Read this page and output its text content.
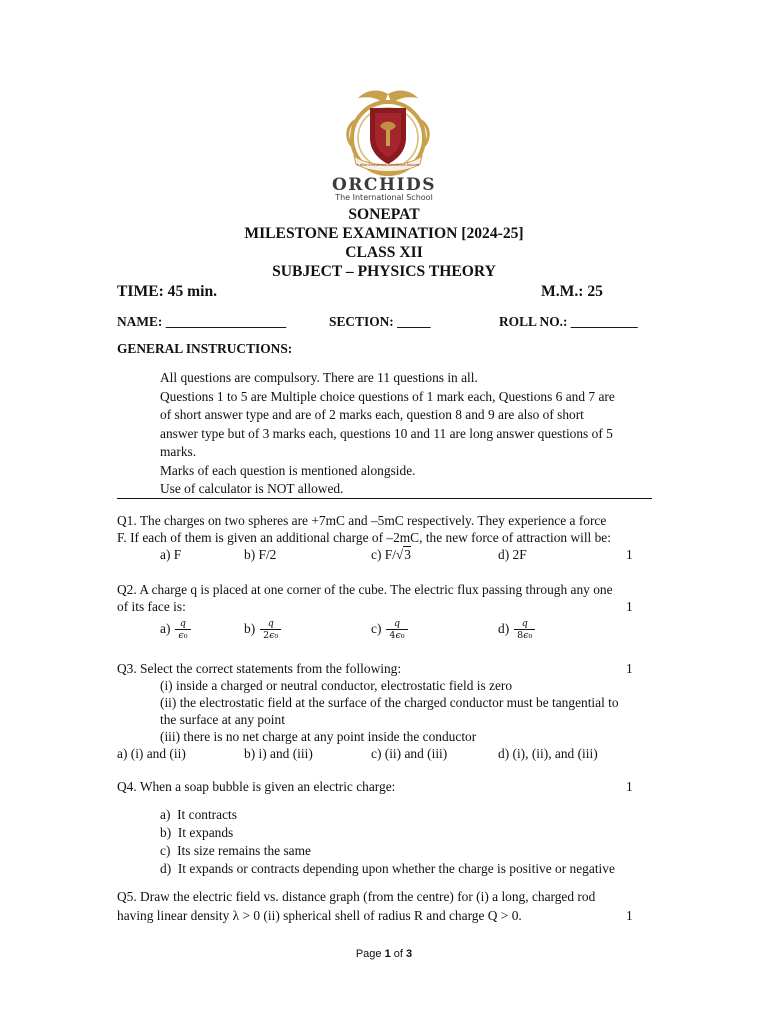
A Wise Investment, Excellence Assured
ORCHIDS
The International School
SONEPAT
MILESTONE EXAMINATION [2024-25]
CLASS XII
SUBJECT – PHYSICS THEORY
TIME: 45 min.	M.M.: 25
NAME: __________________	SECTION: _____	ROLL NO.: __________
GENERAL INSTRUCTIONS:
All questions are compulsory. There are 11 questions in all.
Questions 1 to 5 are Multiple choice questions of 1 mark each, Questions 6 and 7 are
of short answer type and are of 2 marks each, question 8 and 9 are also of short
answer type but of 3 marks each, questions 10 and 11 are long answer questions of 5
marks.
Marks of each question is mentioned alongside.
Use of calculator is NOT allowed.
Q1. The charges on two spheres are +7mC and –5mC respectively. They experience a force
F. If each of them is given an additional charge of –2mC, the new force of attraction will be:
a) F	b) F/2	c) F/√3	d) 2F	1
Q2. A charge q is placed at one corner of the cube. The electric flux passing through any one
of its face is:	1
$a) \frac{q}{\text{ϵ₀}}$	$b) \frac{q}{\text{2ϵ₀}}$	$c) \frac{q}{\text{4ϵ₀}}$	$d) \frac{q}{\text{8ϵ₀}}$
Q3. Select the correct statements from the following:	1
(i) inside a charged or neutral conductor, electrostatic field is zero
(ii) the electrostatic field at the surface of the charged conductor must be tangential to
the surface at any point
(iii) there is no net charge at any point inside the conductor
a) (i) and (ii)	b) i) and (iii)	c) (ii) and (iii)	d) (i), (ii), and (iii)
Q4. When a soap bubble is given an electric charge:	1
a) It contracts
b) It expands
c) Its size remains the same
d) It expands or contracts depending upon whether the charge is positive or negative
Q5. Draw the electric field vs. distance graph (from the centre) for (i) a long, charged rod
having linear density λ > 0 (ii) spherical shell of radius R and charge Q > 0.	1
Page 1 of 3
